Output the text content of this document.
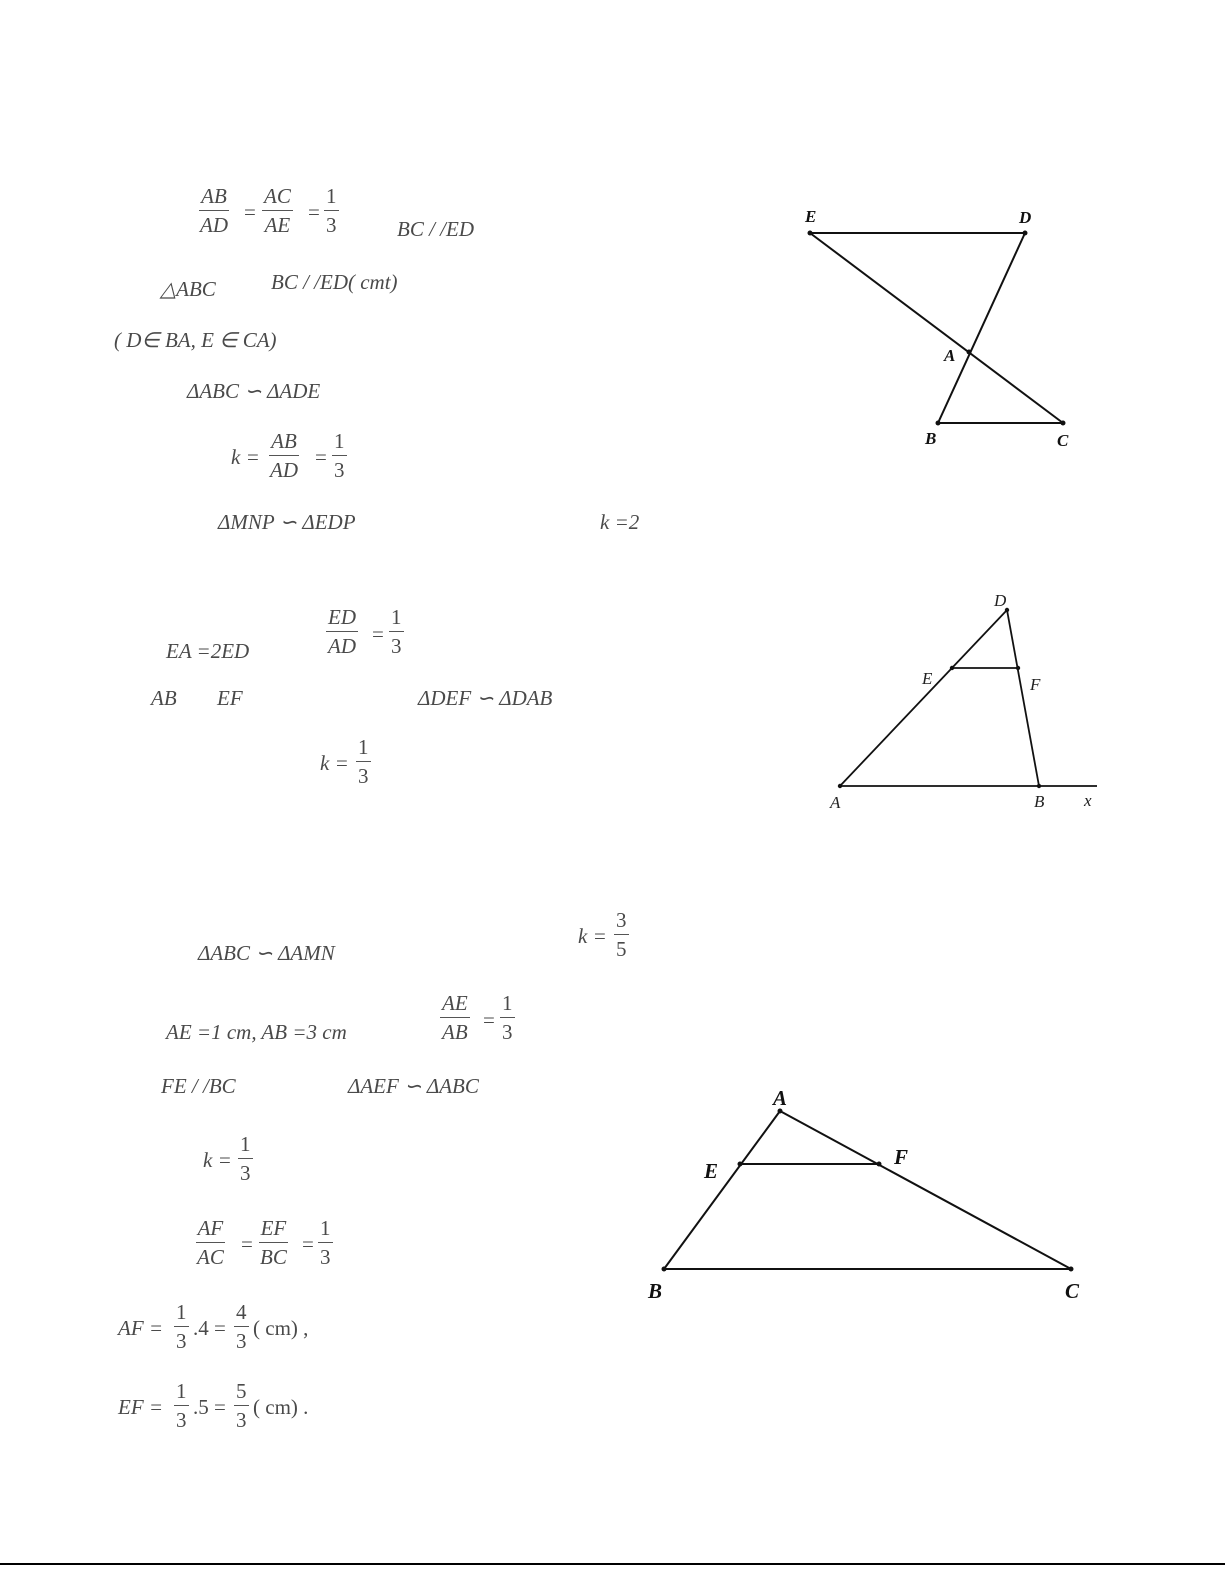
$\frac{AB}{AD} = \frac{AC}{AE} = \frac{1}{3}$	BC / /ED
△ABC	BC / /ED( cmt)
( D∈ BA, E ∈ CA)
ΔABC ∽ ΔADE
$k = \frac{AB}{AD} = \frac{1}{3}$
ΔMNP ∽ ΔEDP	k =2
EA =2ED	$\frac{ED}{AD} = \frac{1}{3}$
AB EF	ΔDEF ∽ ΔDAB
$k = \frac{1}{3}$
ΔABC ∽ ΔAMN
$k = \frac{3}{5}$
AE =1 cm, AB =3 cm	$\frac{AE}{AB} = \frac{1}{3}$
FE / /BC	ΔAEF ∽ ΔABC
$k = \frac{1}{3}$
$\frac{AF}{AC} = \frac{EF}{BC} = \frac{1}{3}$
AF = $\frac{1}{3} .4 = \frac{4}{3}$ ( cm) ,
EF = $\frac{1}{3} .5 = \frac{5}{3}$ ( cm) .
E	D
A
B	C
D
E	F
A	B x
A
E
F
B	C
